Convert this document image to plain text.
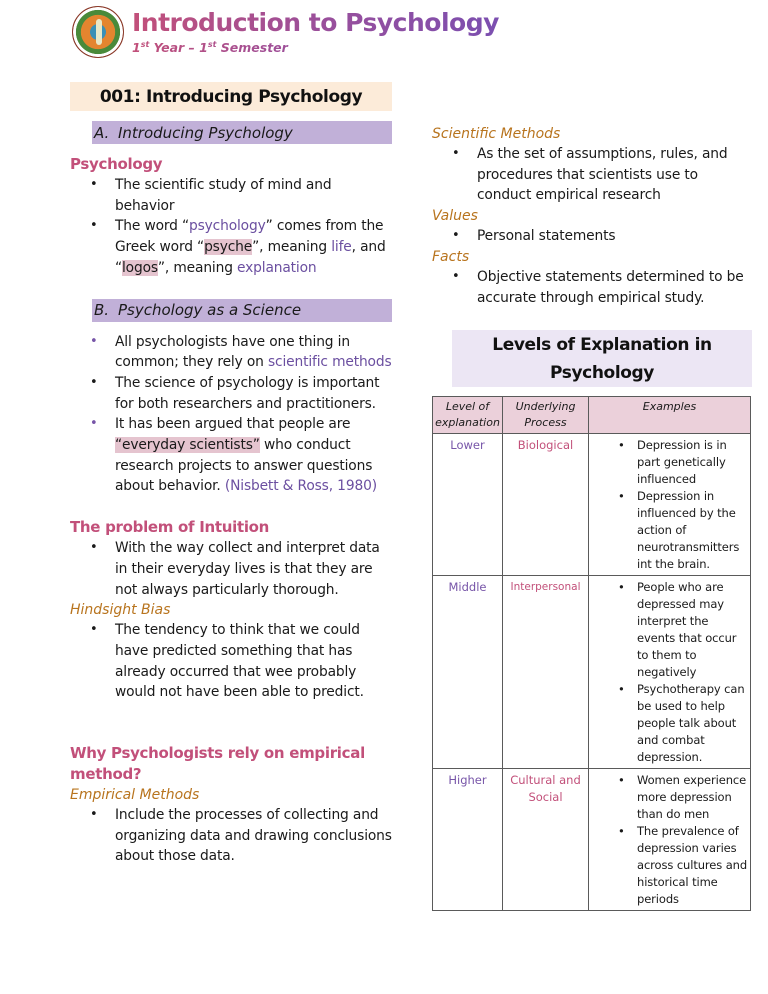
Introduction to Psychology
1st Year – 1st Semester
001: Introducing Psychology
A. Introducing Psychology
Psychology
• The scientific study of mind and behavior
• The word “psychology” comes from the Greek word “psyche”, meaning life, and “logos”, meaning explanation
B. Psychology as a Science
• All psychologists have one thing in common; they rely on scientific methods
• The science of psychology is important for both researchers and practitioners.
• It has been argued that people are “everyday scientists” who conduct research projects to answer questions about behavior. (Nisbett & Ross, 1980)
The problem of Intuition
• With the way collect and interpret data in their everyday lives is that they are not always particularly thorough.
Hindsight Bias
• The tendency to think that we could have predicted something that has already occurred that wee probably would not have been able to predict.
Why Psychologists rely on empirical method?
Empirical Methods
• Include the processes of collecting and organizing data and drawing conclusions about those data.
Scientific Methods
• As the set of assumptions, rules, and procedures that scientists use to conduct empirical research
Values
• Personal statements
Facts
• Objective statements determined to be accurate through empirical study.
Levels of Explanation in
Psychology
Level of explanation	Underlying Process	Examples
Lower	Biological	
•Depression is in part genetically influenced
• Depression in influenced by the action of neurotransmitters int the brain.

Middle	Interpersonal	
•People who are depressed may interpret the events that occur to them to negatively
• Psychotherapy can be used to help people talk about and combat depression.

Higher	Cultural and Social	
• Women experience more depression than do men
• The prevalence of depression varies across cultures and historical time periods
